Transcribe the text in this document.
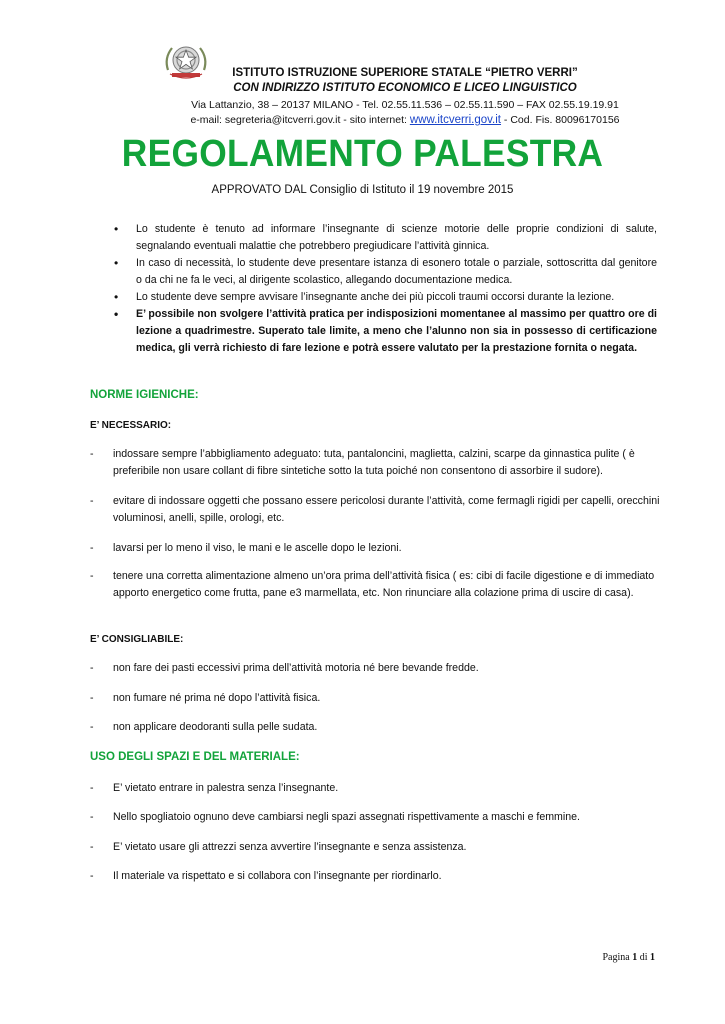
ISTITUTO ISTRUZIONE SUPERIORE STATALE “PIETRO VERRI”
CON INDIRIZZO ISTITUTO ECONOMICO E LICEO LINGUISTICO
Via Lattanzio, 38 – 20137 MILANO - Tel. 02.55.11.536 – 02.55.11.590 – FAX 02.55.19.19.91
e-mail: segreteria@itcverri.gov.it - sito internet: www.itcverri.gov.it - Cod. Fis. 80096170156
REGOLAMENTO PALESTRA
APPROVATO DAL Consiglio di Istituto il 19 novembre 2015
• Lo studente è tenuto ad informare l’insegnante di scienze motorie delle proprie condizioni di salute, segnalando eventuali malattie che potrebbero pregiudicare l’attività ginnica.
• In caso di necessità, lo studente deve presentare istanza di esonero totale o parziale, sottoscritta dal genitore o da chi ne fa le veci, al dirigente scolastico, allegando documentazione medica.
• Lo studente deve sempre avvisare l’insegnante anche dei più piccoli traumi occorsi durante la lezione.
• E’ possibile non svolgere l’attività pratica per indisposizioni momentanee al massimo per quattro ore di lezione a quadrimestre. Superato tale limite, a meno che l’alunno non sia in possesso di certificazione medica, gli verrà richiesto di fare lezione e potrà essere valutato per la prestazione fornita o negata.
NORME IGIENICHE:
E’ NECESSARIO:
- indossare sempre l’abbigliamento adeguato: tuta, pantaloncini, maglietta, calzini, scarpe da ginnastica pulite ( è preferibile non usare collant di fibre sintetiche sotto la tuta poiché non consentono di assorbire il sudore).
- evitare di indossare oggetti che possano essere pericolosi durante l’attività, come fermagli rigidi per capelli, orecchini voluminosi, anelli, spille, orologi, etc.
- lavarsi per lo meno il viso, le mani e le ascelle dopo le lezioni.
- tenere una corretta alimentazione almeno un’ora prima dell’attività fisica ( es: cibi di facile digestione e di immediato apporto energetico come frutta, pane e3 marmellata, etc. Non rinunciare alla colazione prima di uscire di casa).
E’ CONSIGLIABILE:
- non fare dei pasti eccessivi prima dell’attività motoria né bere bevande fredde.
- non fumare né prima né dopo l’attività fisica.
- non applicare deodoranti sulla pelle sudata.
USO DEGLI SPAZI E DEL MATERIALE:
- E’ vietato entrare in palestra senza l’insegnante.
- Nello spogliatoio ognuno deve cambiarsi negli spazi assegnati rispettivamente a maschi e femmine.
- E’ vietato usare gli attrezzi senza avvertire l’insegnante e senza assistenza.
- Il materiale va rispettato e si collabora con l’insegnante per riordinarlo.
Pagina 1 di 1
